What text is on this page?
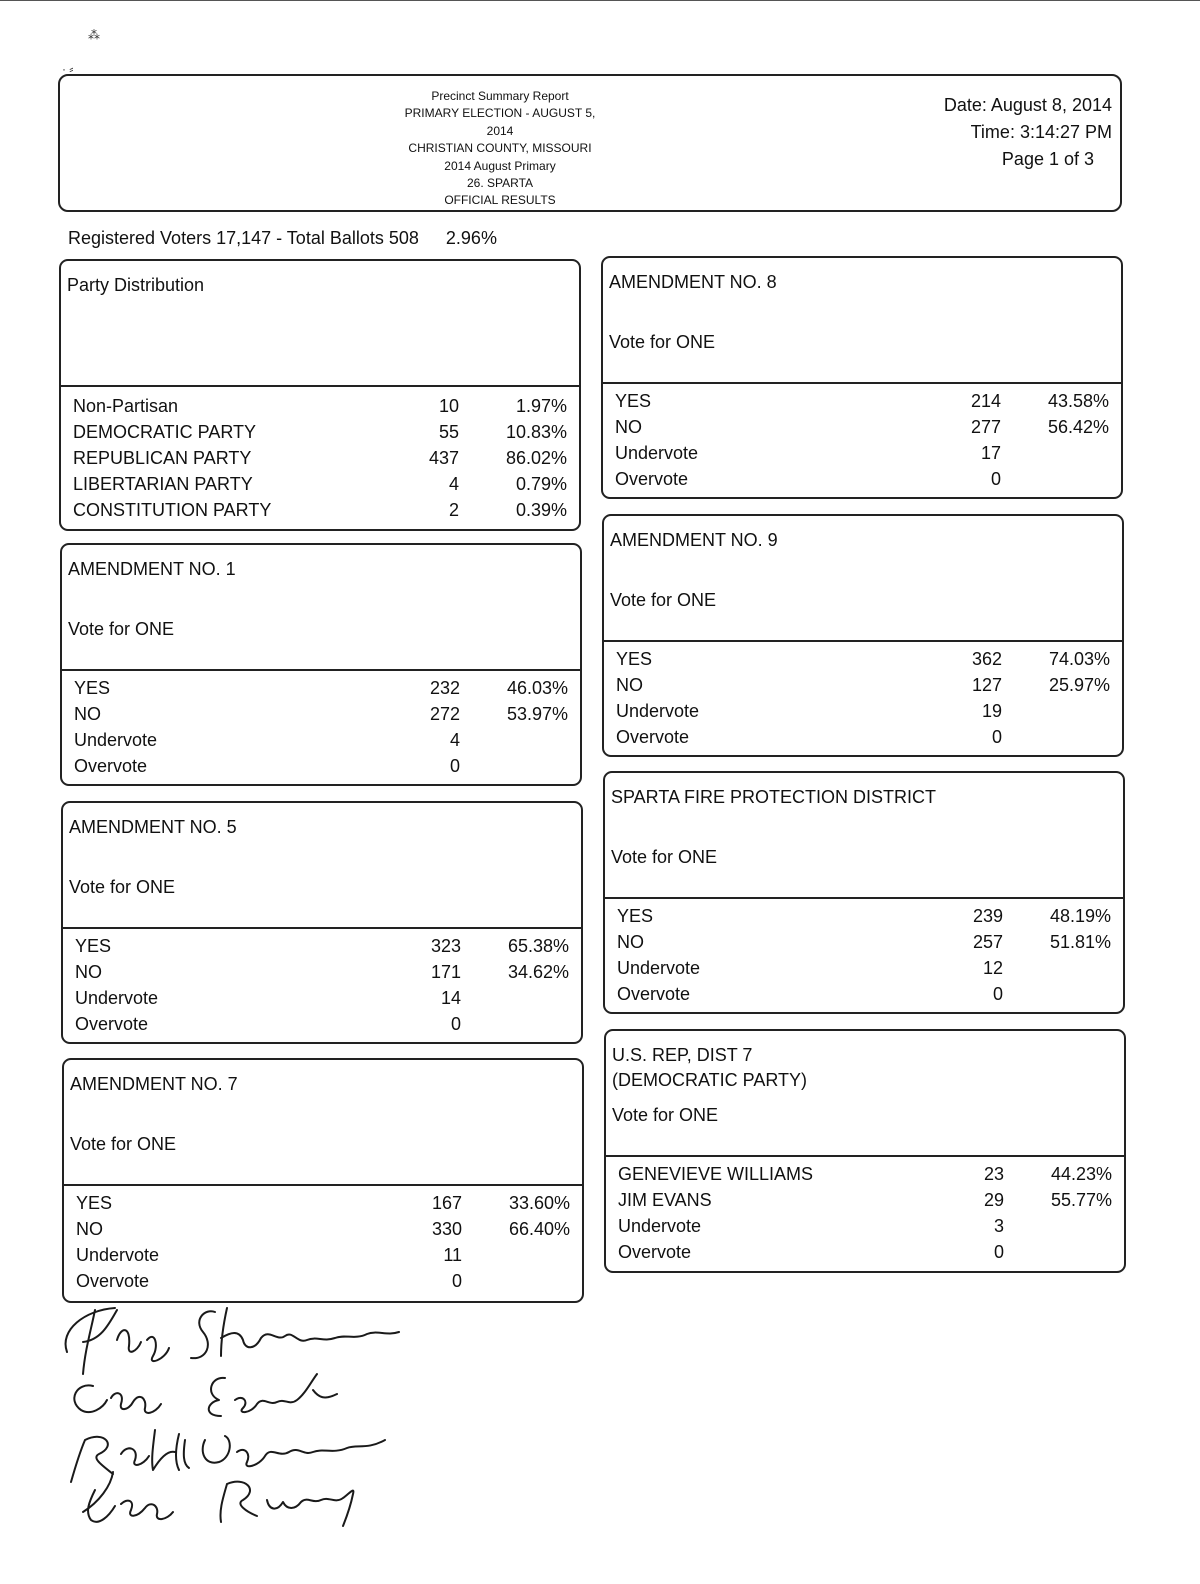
⁂
· ⸗
Precinct Summary Report
PRIMARY ELECTION - AUGUST 5, 2014
CHRISTIAN COUNTY, MISSOURI
2014 August Primary
26. SPARTA
OFFICIAL RESULTS
Date: August 8, 2014
Time: 3:14:27 PM
Page 1 of 3
Registered Voters 17,147 - Total Ballots 508 2.96%
Party Distribution
Non-Partisan	10	1.97%
DEMOCRATIC PARTY	55	10.83%
REPUBLICAN PARTY	437	86.02%
LIBERTARIAN PARTY	4	0.79%
CONSTITUTION PARTY	2	0.39%
AMENDMENT NO. 1
Vote for ONE
YES	232	46.03%
NO	272	53.97%
Undervote	4
Overvote	0
AMENDMENT NO. 5
Vote for ONE
YES	323	65.38%
NO	171	34.62%
Undervote	14
Overvote	0
AMENDMENT NO. 7
Vote for ONE
YES	167	33.60%
NO	330	66.40%
Undervote	11
Overvote	0
AMENDMENT NO. 8
Vote for ONE
YES	214	43.58%
NO	277	56.42%
Undervote	17
Overvote	0
AMENDMENT NO. 9
Vote for ONE
YES	362	74.03%
NO	127	25.97%
Undervote	19
Overvote	0
SPARTA FIRE PROTECTION DISTRICT
Vote for ONE
YES	239	48.19%
NO	257	51.81%
Undervote	12
Overvote	0
U.S. REP, DIST 7
(DEMOCRATIC PARTY)
Vote for ONE
GENEVIEVE WILLIAMS	23	44.23%
JIM EVANS	29	55.77%
Undervote	3
Overvote	0
